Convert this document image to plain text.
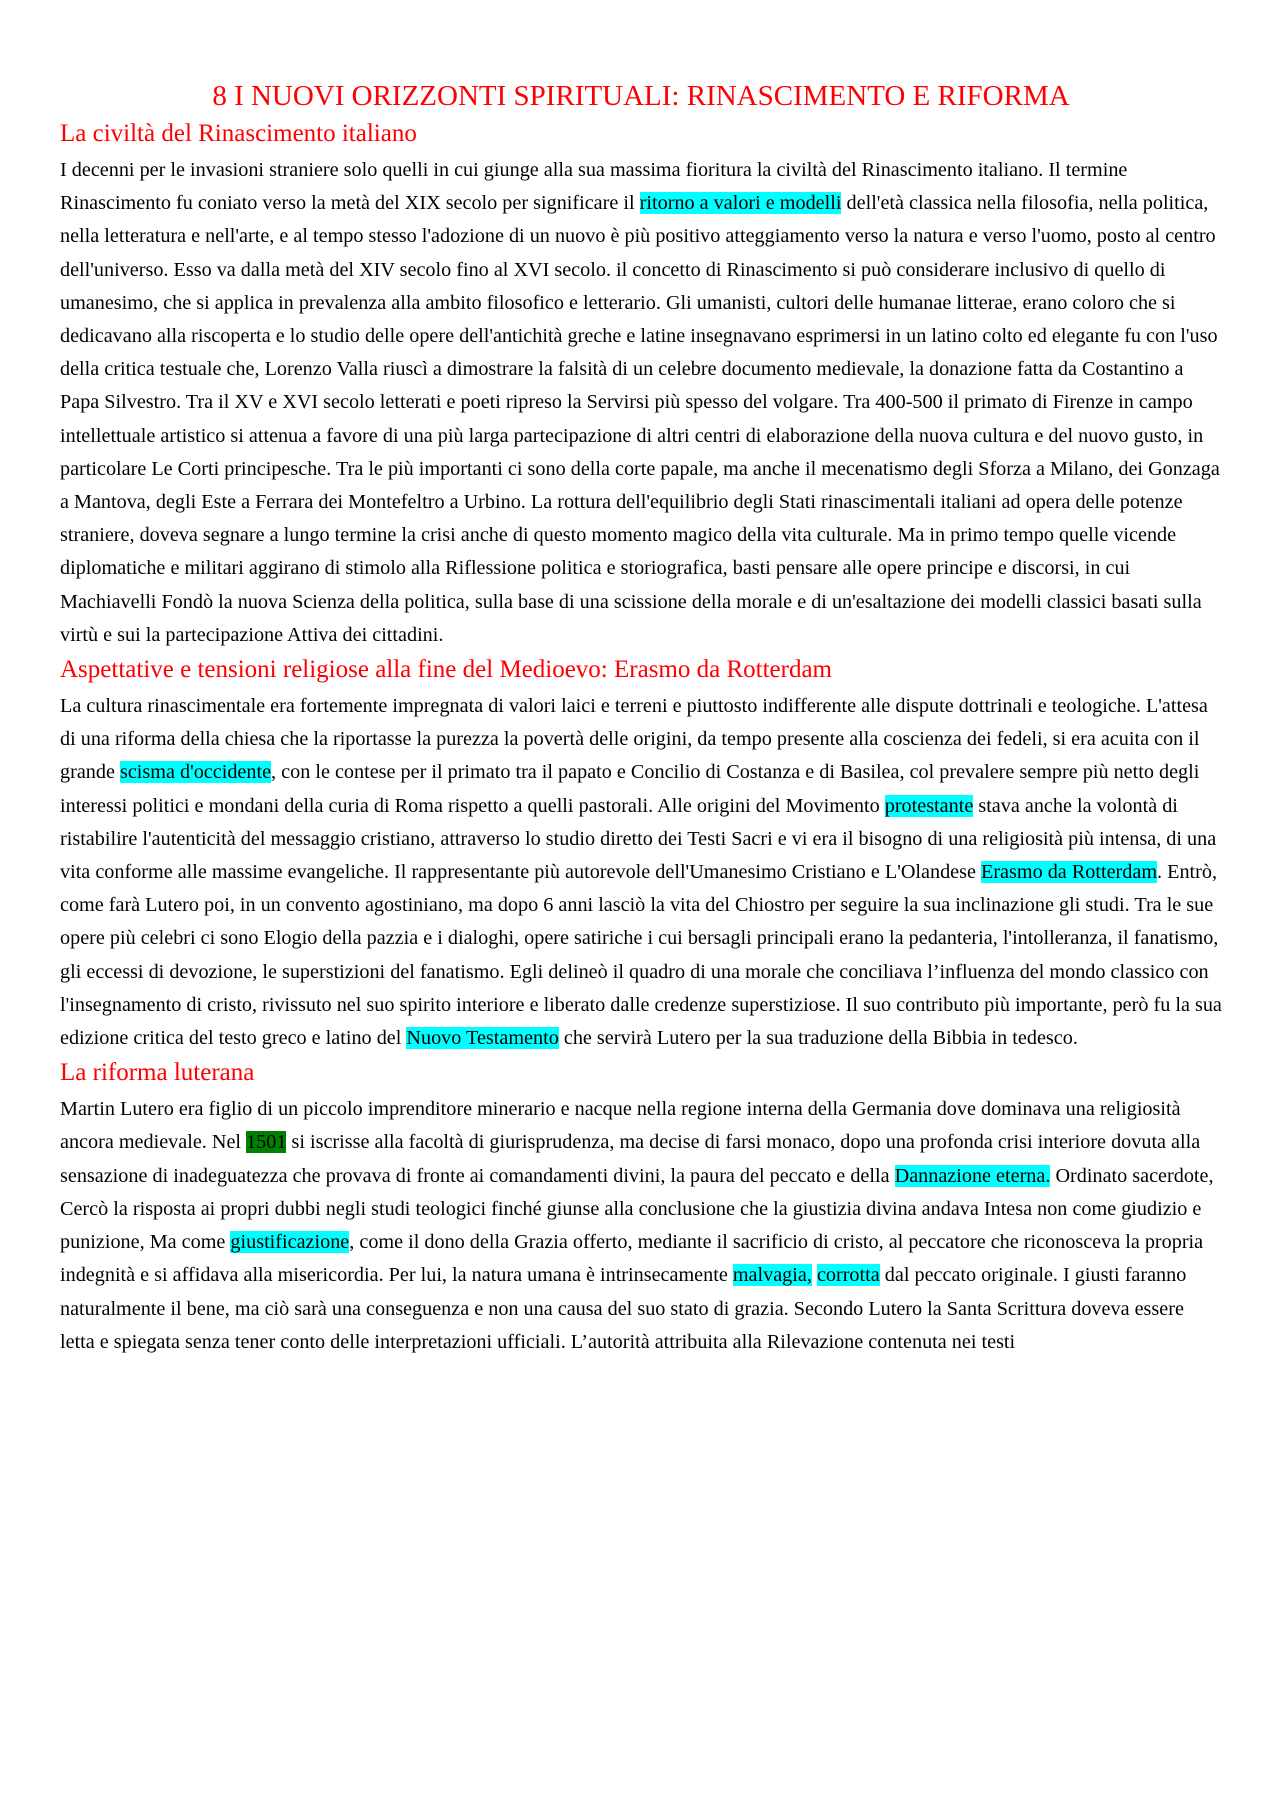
8 I NUOVI ORIZZONTI SPIRITUALI: RINASCIMENTO E RIFORMA
La civiltà del Rinascimento italiano

I decenni per le invasioni straniere solo quelli in cui giunge alla sua massima fioritura la civiltà del Rinascimento italiano. Il termine Rinascimento fu coniato verso la metà del XIX secolo per significare il ritorno a valori e modelli dell'età classica nella filosofia, nella politica, nella letteratura e nell'arte, e al tempo stesso l'adozione di un nuovo è più positivo atteggiamento verso la natura e verso l'uomo, posto al centro dell'universo. Esso va dalla metà del XIV secolo fino al XVI secolo. il concetto di Rinascimento si può considerare inclusivo di quello di umanesimo, che si applica in prevalenza alla ambito filosofico e letterario. Gli umanisti, cultori delle humanae litterae, erano coloro che si dedicavano alla riscoperta e lo studio delle opere dell'antichità greche e latine insegnavano esprimersi in un latino colto ed elegante fu con l'uso della critica testuale che, Lorenzo Valla riuscì a dimostrare la falsità di un celebre documento medievale, la donazione fatta da Costantino a Papa Silvestro. Tra il XV e XVI secolo letterati e poeti ripreso la Servirsi più spesso del volgare. Tra 400-500 il primato di Firenze in campo intellettuale artistico si attenua a favore di una più larga partecipazione di altri centri di elaborazione della nuova cultura e del nuovo gusto, in particolare Le Corti principesche. Tra le più importanti ci sono della corte papale, ma anche il mecenatismo degli Sforza a Milano, dei Gonzaga a Mantova, degli Este a Ferrara dei Montefeltro a Urbino. La rottura dell'equilibrio degli Stati rinascimentali italiani ad opera delle potenze straniere, doveva segnare a lungo termine la crisi anche di questo momento magico della vita culturale. Ma in primo tempo quelle vicende diplomatiche e militari aggirano di stimolo alla Riflessione politica e storiografica, basti pensare alle opere principe e discorsi, in cui Machiavelli Fondò la nuova Scienza della politica, sulla base di una scissione della morale e di un'esaltazione dei modelli classici basati sulla virtù e sui la partecipazione Attiva dei cittadini.

Aspettative e tensioni religiose alla fine del Medioevo: Erasmo da Rotterdam

La cultura rinascimentale era fortemente impregnata di valori laici e terreni e piuttosto indifferente alle dispute dottrinali e teologiche. L'attesa di una riforma della chiesa che la riportasse la purezza la povertà delle origini, da tempo presente alla coscienza dei fedeli, si era acuita con il grande scisma d'occidente, con le contese per il primato tra il papato e Concilio di Costanza e di Basilea, col prevalere sempre più netto degli interessi politici e mondani della curia di Roma rispetto a quelli pastorali. Alle origini del Movimento protestante stava anche la volontà di ristabilire l'autenticità del messaggio cristiano, attraverso lo studio diretto dei Testi Sacri e vi era il bisogno di una religiosità più intensa, di una vita conforme alle massime evangeliche. Il rappresentante più autorevole dell'Umanesimo Cristiano e L'Olandese Erasmo da Rotterdam. Entrò, come farà Lutero poi, in un convento agostiniano, ma dopo 6 anni lasciò la vita del Chiostro per seguire la sua inclinazione gli studi. Tra le sue opere più celebri ci sono Elogio della pazzia e i dialoghi, opere satiriche i cui bersagli principali erano la pedanteria, l'intolleranza, il fanatismo, gli eccessi di devozione, le superstizioni del fanatismo. Egli delineò il quadro di una morale che conciliava l’influenza del mondo classico con l'insegnamento di cristo, rivissuto nel suo spirito interiore e liberato dalle credenze superstiziose. Il suo contributo più importante, però fu la sua edizione critica del testo greco e latino del Nuovo Testamento che servirà Lutero per la sua traduzione della Bibbia in tedesco.

La riforma luterana

Martin Lutero era figlio di un piccolo imprenditore minerario e nacque nella regione interna della Germania dove dominava una religiosità ancora medievale. Nel 1501 si iscrisse alla facoltà di giurisprudenza, ma decise di farsi monaco, dopo una profonda crisi interiore dovuta alla sensazione di inadeguatezza che provava di fronte ai comandamenti divini, la paura del peccato e della Dannazione eterna. Ordinato sacerdote, Cercò la risposta ai propri dubbi negli studi teologici finché giunse alla conclusione che la giustizia divina andava Intesa non come giudizio e punizione, Ma come giustificazione, come il dono della Grazia offerto, mediante il sacrificio di cristo, al peccatore che riconosceva la propria indegnità e si affidava alla misericordia. Per lui, la natura umana è intrinsecamente malvagia, corrotta dal peccato originale. I giusti faranno naturalmente il bene, ma ciò sarà una conseguenza e non una causa del suo stato di grazia. Secondo Lutero la Santa Scrittura doveva essere letta e spiegata senza tener conto delle interpretazioni ufficiali. L’autorità attribuita alla Rilevazione contenuta nei testi
